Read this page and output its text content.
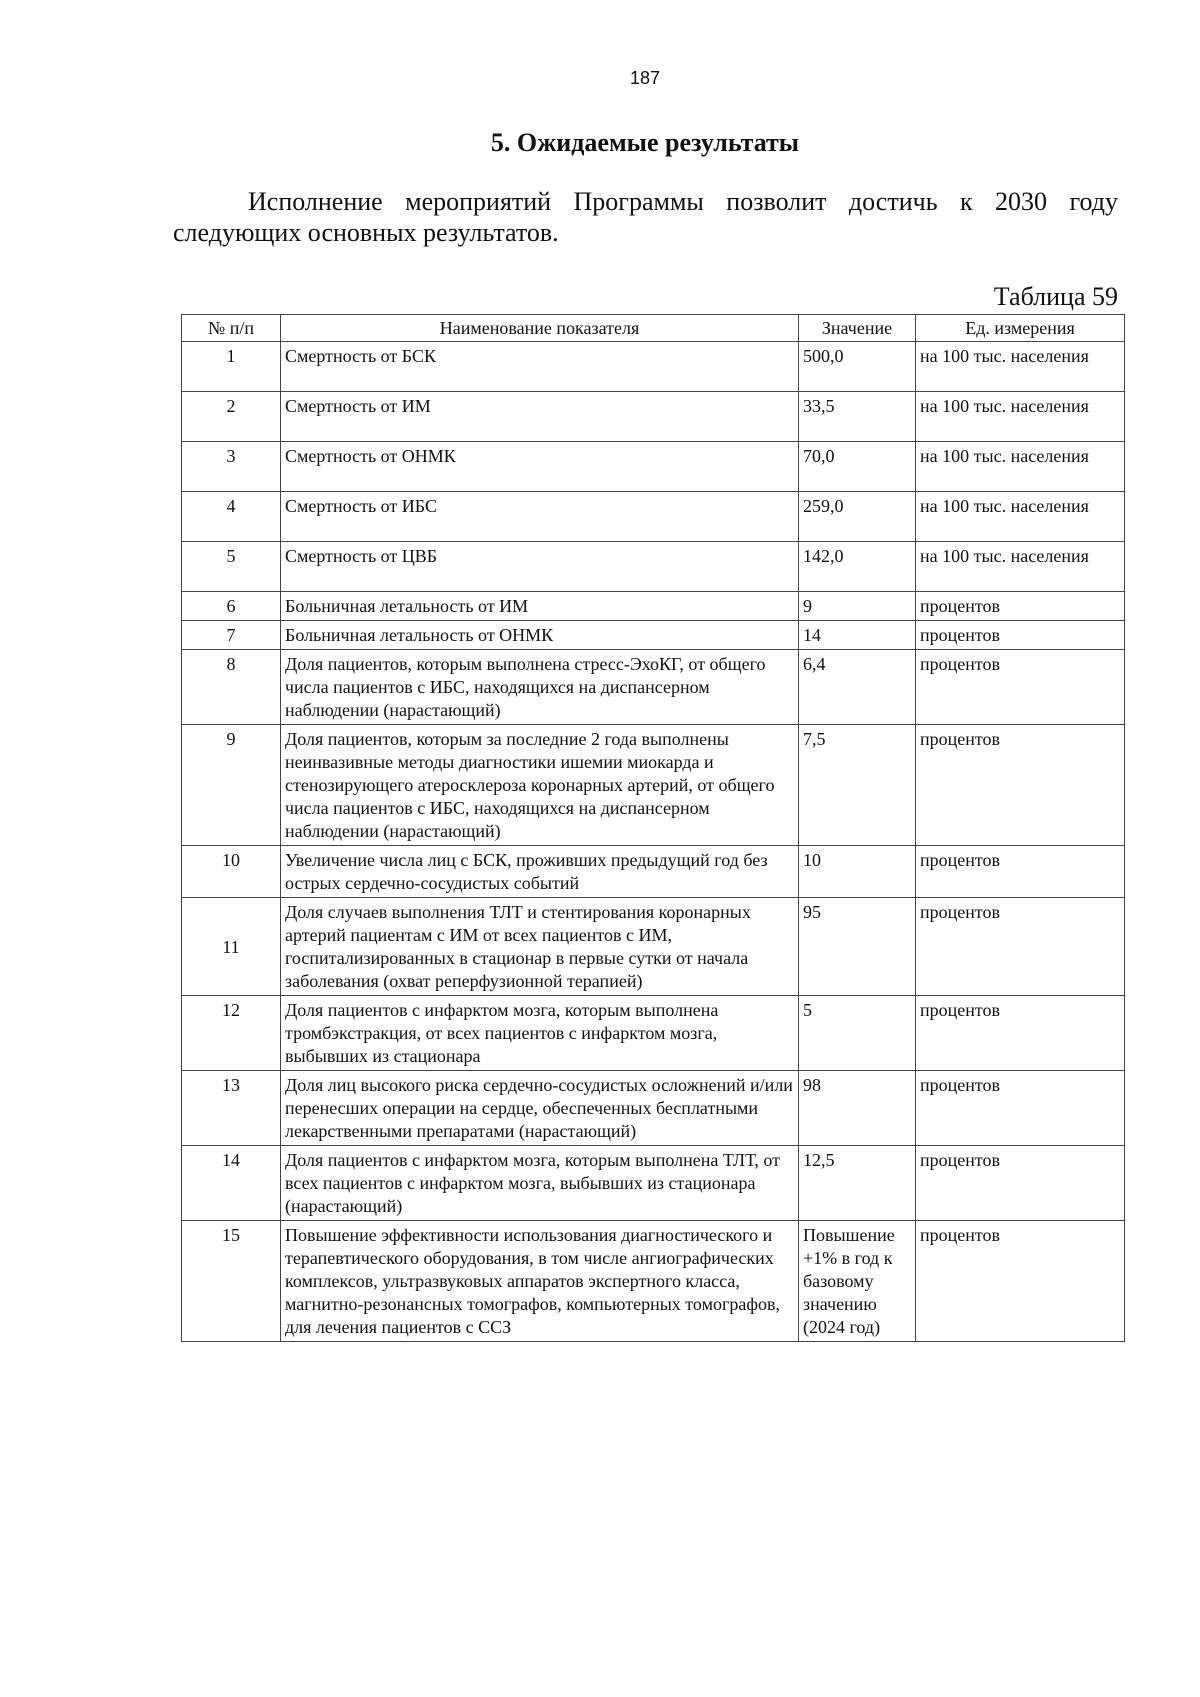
187
5. Ожидаемые результаты

Исполнение мероприятий Программы позволит достичь к 2030 году следующих основных результатов.

Таблица 59
№ п/п	Наименование показателя	Значение	Ед. измерения
1	Смертность от БСК	500,0	на 100 тыс. населения
2	Смертность от ИМ	33,5	на 100 тыс. населения
3	Смертность от ОНМК	70,0	на 100 тыс. населения
4	Смертность от ИБС	259,0	на 100 тыс. населения
5	Смертность от ЦВБ	142,0	на 100 тыс. населения
6	Больничная летальность от ИМ	9	процентов
7	Больничная летальность от ОНМК	14	процентов
8	Доля пациентов, которым выполнена стресс-ЭхоКГ, от общего числа пациентов с ИБС, находящихся на диспансерном наблюдении (нарастающий)	6,4	процентов
9	Доля пациентов, которым за последние 2 года выполнены неинвазивные методы диагностики ишемии миокарда и стенозирующего атеросклероза коронарных артерий, от общего числа пациентов с ИБС, находящихся на диспансерном наблюдении (нарастающий)	7,5	процентов
10	Увеличение числа лиц с БСК, проживших предыдущий год без острых сердечно-сосудистых событий	10	процентов
11	Доля случаев выполнения ТЛТ и стентирования коронарных артерий пациентам с ИМ от всех пациентов с ИМ, госпитализированных в стационар в первые сутки от начала заболевания (охват реперфузионной терапией)	95	процентов
12	Доля пациентов с инфарктом мозга, которым выполнена тромбэкстракция, от всех пациентов с инфарктом мозга, выбывших из стационара	5	процентов
13	Доля лиц высокого риска сердечно-сосудистых осложнений и/или перенесших операции на сердце, обеспеченных бесплатными лекарственными препаратами (нарастающий)	98	процентов
14	Доля пациентов с инфарктом мозга, которым выполнена ТЛТ, от всех пациентов с инфарктом мозга, выбывших из стационара (нарастающий)	12,5	процентов
15	Повышение эффективности использования диагностического и терапевтического оборудования, в том числе ангиографических комплексов, ультразвуковых аппаратов экспертного класса, магнитно-резонансных томографов, компьютерных томографов, для лечения пациентов с ССЗ	Повышение +1% в год к базовому значению (2024 год)	процентов
